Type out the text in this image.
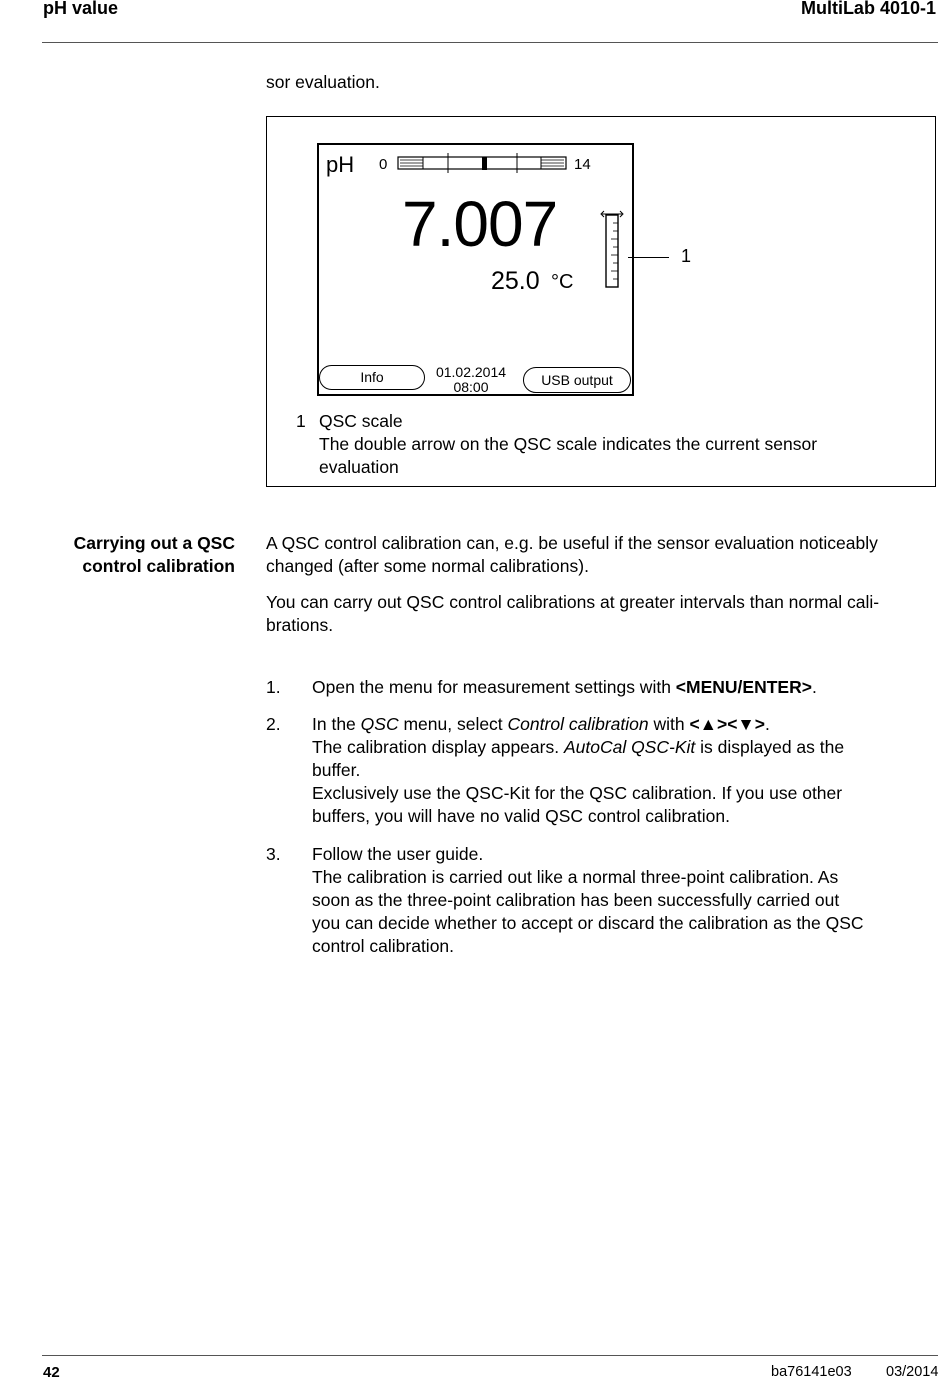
pH value	MultiLab 4010-1
sor evaluation.
pH 0	14
7.007
25.0 °C
Info	01.02.2014
08:00	USB output
1
1 QSC scale
The double arrow on the QSC scale indicates the current sensor
evaluation
Carrying out a QSC
control calibration
A QSC control calibration can, e.g. be useful if the sensor evaluation noticeably
changed (after some normal calibrations).
You can carry out QSC control calibrations at greater intervals than normal cali-
brations.
1. Open the menu for measurement settings with <MENU/ENTER>.
2. In the QSC menu, select Control calibration with <▲><▼>.
The calibration display appears. AutoCal QSC-Kit is displayed as the
buffer.
Exclusively use the QSC-Kit for the QSC calibration. If you use other
buffers, you will have no valid QSC control calibration.
3. Follow the user guide.
The calibration is carried out like a normal three-point calibration. As
soon as the three-point calibration has been successfully carried out
you can decide whether to accept or discard the calibration as the QSC
control calibration.
42	ba76141e03 03/2014
